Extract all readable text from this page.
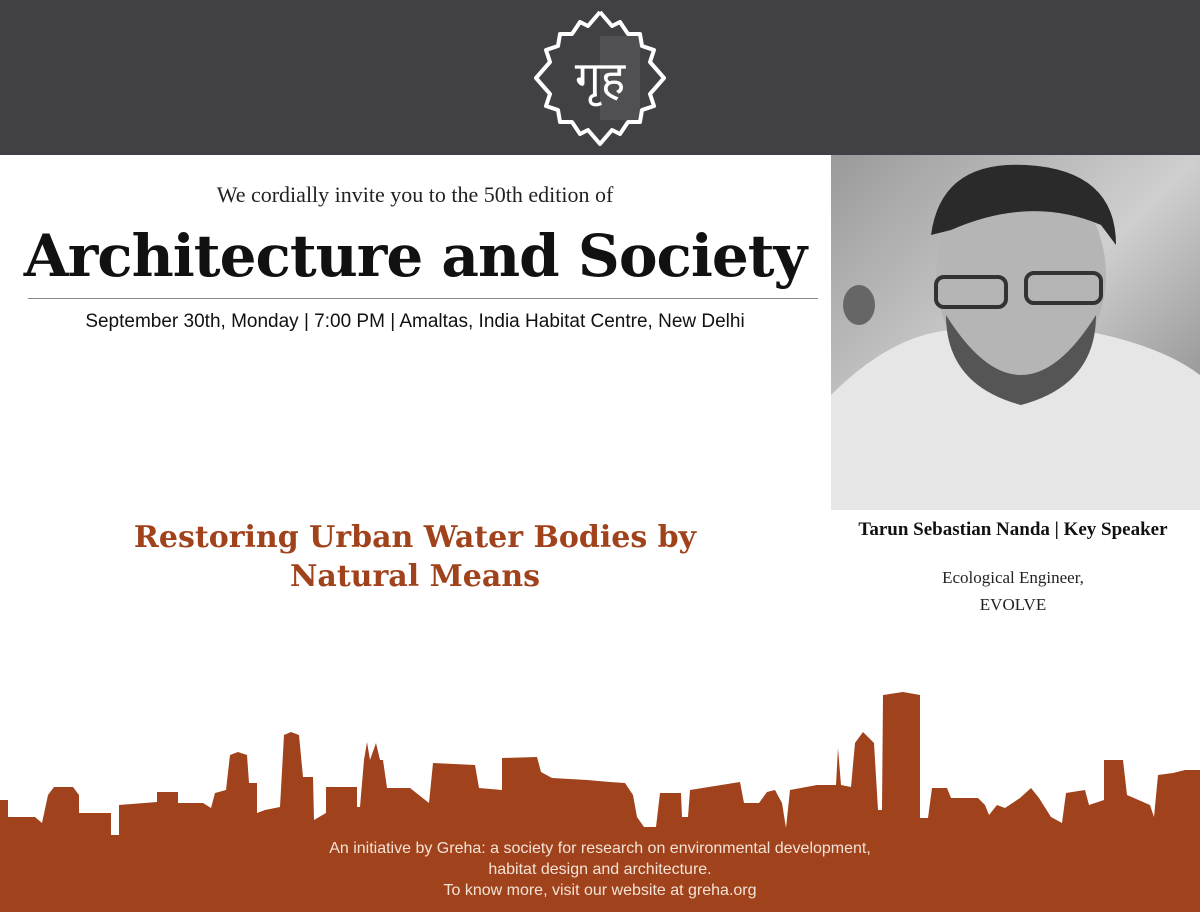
गृह
We cordially invite you to the 50th edition of
Architecture and Society
September 30th, Monday | 7:00 PM | Amaltas, India Habitat Centre, New Delhi
Restoring Urban Water Bodies by
Natural Means
Tarun Sebastian Nanda | Key Speaker
Ecological Engineer,
EVOLVE
An initiative by Greha: a society for research on environmental development,
habitat design and architecture.
To know more, visit our website at greha.org
